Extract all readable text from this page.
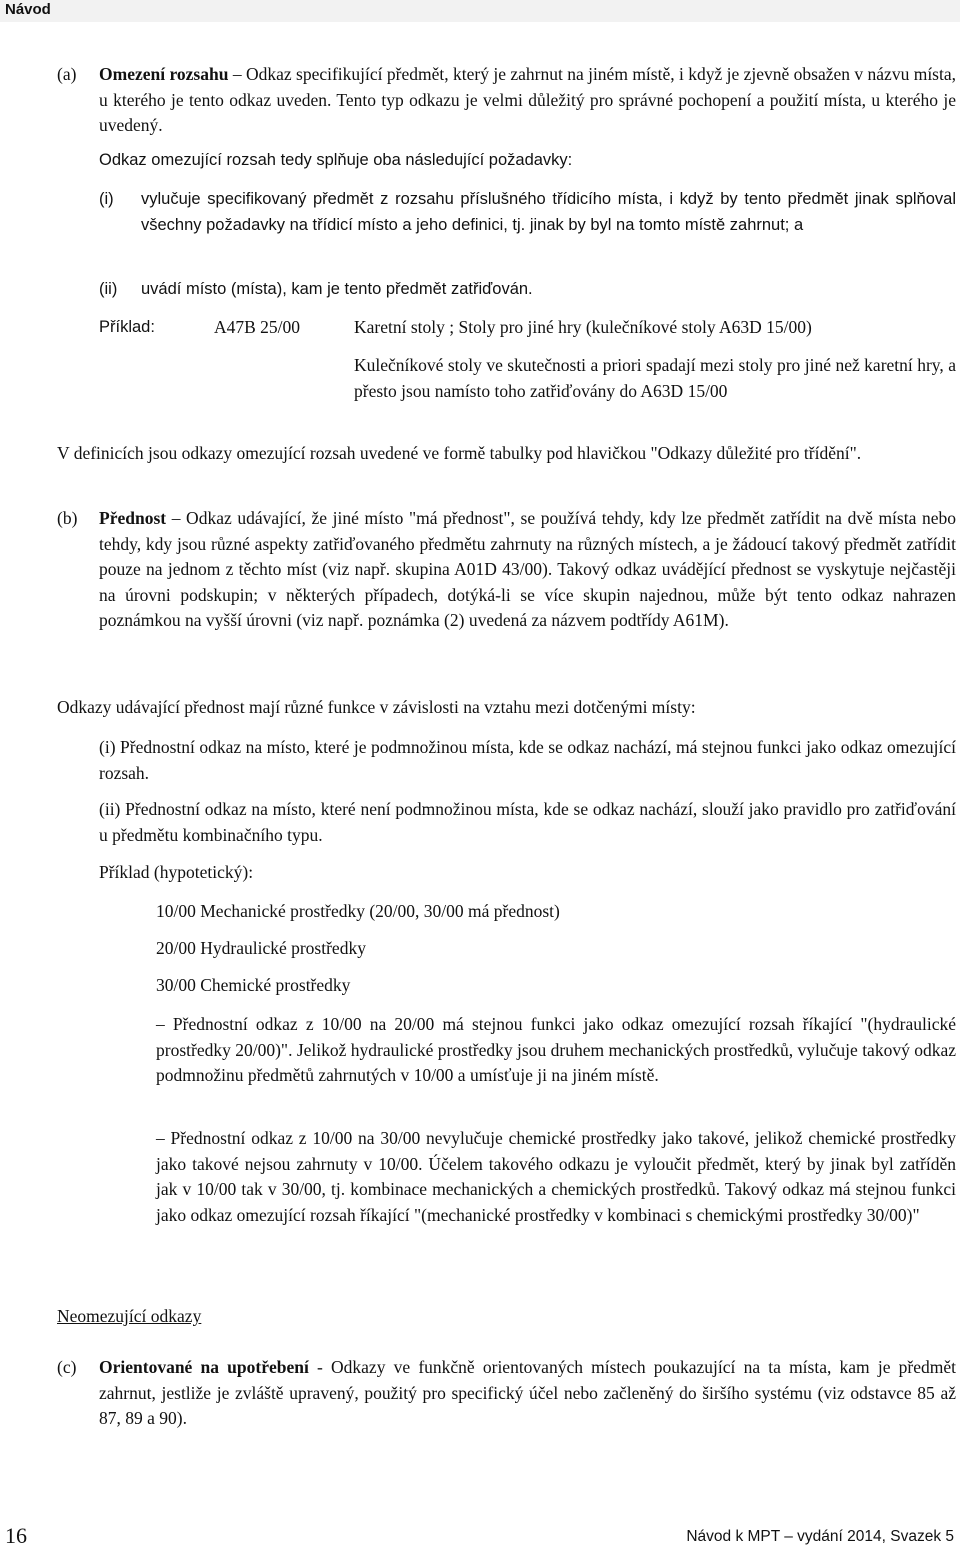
Návod
(a) Omezení rozsahu – Odkaz specifikující předmět, který je zahrnut na jiném místě, i když je zjevně obsažen v názvu místa, u kterého je tento odkaz uveden. Tento typ odkazu je velmi důležitý pro správné pochopení a použití místa, u kterého je uvedený.
Odkaz omezující rozsah tedy splňuje oba následující požadavky:
(i) vylučuje specifikovaný předmět z rozsahu příslušného třídicího místa, i když by tento předmět jinak splňoval všechny požadavky na třídicí místo a jeho definici, tj. jinak by byl na tomto místě zahrnut; a
(ii) uvádí místo (místa), kam je tento předmět zatřiďován.
Příklad:	A47B 25/00	Karetní stoly ; Stoly pro jiné hry (kulečníkové stoly A63D 15/00)
Kulečníkové stoly ve skutečnosti a priori spadají mezi stoly pro jiné než karetní hry, a přesto jsou namísto toho zatřiďovány do A63D 15/00
V definicích jsou odkazy omezující rozsah uvedené ve formě tabulky pod hlavičkou "Odkazy důležité pro třídění".
(b) Přednost – Odkaz udávající, že jiné místo "má přednost", se používá tehdy, kdy lze předmět zatřídit na dvě místa nebo tehdy, kdy jsou různé aspekty zatřiďovaného předmětu zahrnuty na různých místech, a je žádoucí takový předmět zatřídit pouze na jednom z těchto míst (viz např. skupina A01D 43/00). Takový odkaz uvádějící přednost se vyskytuje nejčastěji na úrovni podskupin; v některých případech, dotýká-li se více skupin najednou, může být tento odkaz nahrazen poznámkou na vyšší úrovni (viz např. poznámka (2) uvedená za názvem podtřídy A61M).
Odkazy udávající přednost mají různé funkce v závislosti na vztahu mezi dotčenými místy:
(i) Přednostní odkaz na místo, které je podmnožinou místa, kde se odkaz nachází, má stejnou funkci jako odkaz omezující rozsah.
(ii) Přednostní odkaz na místo, které není podmnožinou místa, kde se odkaz nachází, slouží jako pravidlo pro zatřiďování u předmětu kombinačního typu.
Příklad (hypotetický):
10/00 Mechanické prostředky (20/00, 30/00 má přednost)
20/00 Hydraulické prostředky
30/00 Chemické prostředky
– Přednostní odkaz z 10/00 na 20/00 má stejnou funkci jako odkaz omezující rozsah říkající "(hydraulické prostředky 20/00)". Jelikož hydraulické prostředky jsou druhem mechanických prostředků, vylučuje takový odkaz podmnožinu předmětů zahrnutých v 10/00 a umísťuje ji na jiném místě.
– Přednostní odkaz z 10/00 na 30/00 nevylučuje chemické prostředky jako takové, jelikož chemické prostředky jako takové nejsou zahrnuty v 10/00. Účelem takového odkazu je vyloučit předmět, který by jinak byl zatříděn jak v 10/00 tak v 30/00, tj. kombinace mechanických a chemických prostředků. Takový odkaz má stejnou funkci jako odkaz omezující rozsah říkající "(mechanické prostředky v kombinaci s chemickými prostředky 30/00)"
Neomezující odkazy
(c) Orientované na upotřebení - Odkazy ve funkčně orientovaných místech poukazující na ta místa, kam je předmět zahrnut, jestliže je zvláště upravený, použitý pro specifický účel nebo začleněný do širšího systému (viz odstavce 85 až 87, 89 a 90).
16	Návod k MPT – vydání 2014, Svazek 5
